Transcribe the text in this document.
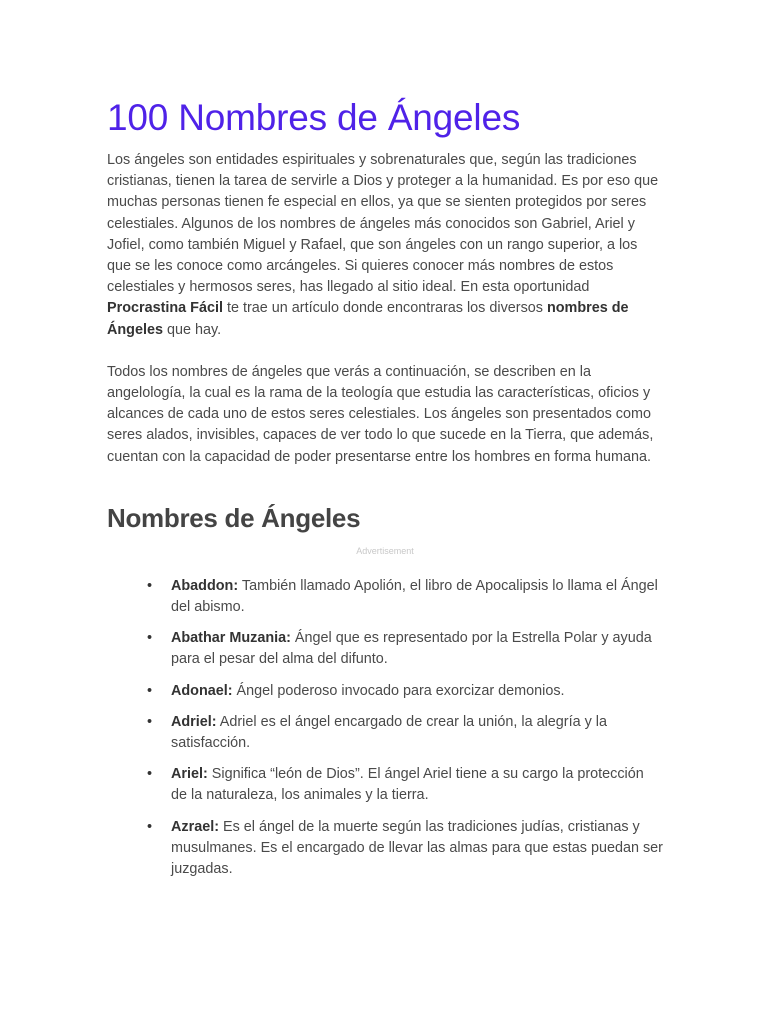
100 Nombres de Ángeles

Los ángeles son entidades espirituales y sobrenaturales que, según las tradiciones cristianas, tienen la tarea de servirle a Dios y proteger a la humanidad. Es por eso que muchas personas tienen fe especial en ellos, ya que se sienten protegidos por seres celestiales. Algunos de los nombres de ángeles más conocidos son Gabriel, Ariel y Jofiel, como también Miguel y Rafael, que son ángeles con un rango superior, a los que se les conoce como arcángeles. Si quieres conocer más nombres de estos celestiales y hermosos seres, has llegado al sitio ideal. En esta oportunidad Procrastina Fácil te trae un artículo donde encontraras los diversos nombres de Ángeles que hay.

Todos los nombres de ángeles que verás a continuación, se describen en la angelología, la cual es la rama de la teología que estudia las características, oficios y alcances de cada uno de estos seres celestiales. Los ángeles son presentados como seres alados, invisibles, capaces de ver todo lo que sucede en la Tierra, que además, cuentan con la capacidad de poder presentarse entre los hombres en forma humana.

Nombres de Ángeles
Advertisement
• Abaddon: También llamado Apolión, el libro de Apocalipsis lo llama el Ángel del abismo.
• Abathar Muzania: Ángel que es representado por la Estrella Polar y ayuda para el pesar del alma del difunto.
• Adonael: Ángel poderoso invocado para exorcizar demonios.
• Adriel: Adriel es el ángel encargado de crear la unión, la alegría y la satisfacción.
• Ariel: Significa “león de Dios”. El ángel Ariel tiene a su cargo la protección de la naturaleza, los animales y la tierra.
• Azrael: Es el ángel de la muerte según las tradiciones judías, cristianas y musulmanes. Es el encargado de llevar las almas para que estas puedan ser juzgadas.
